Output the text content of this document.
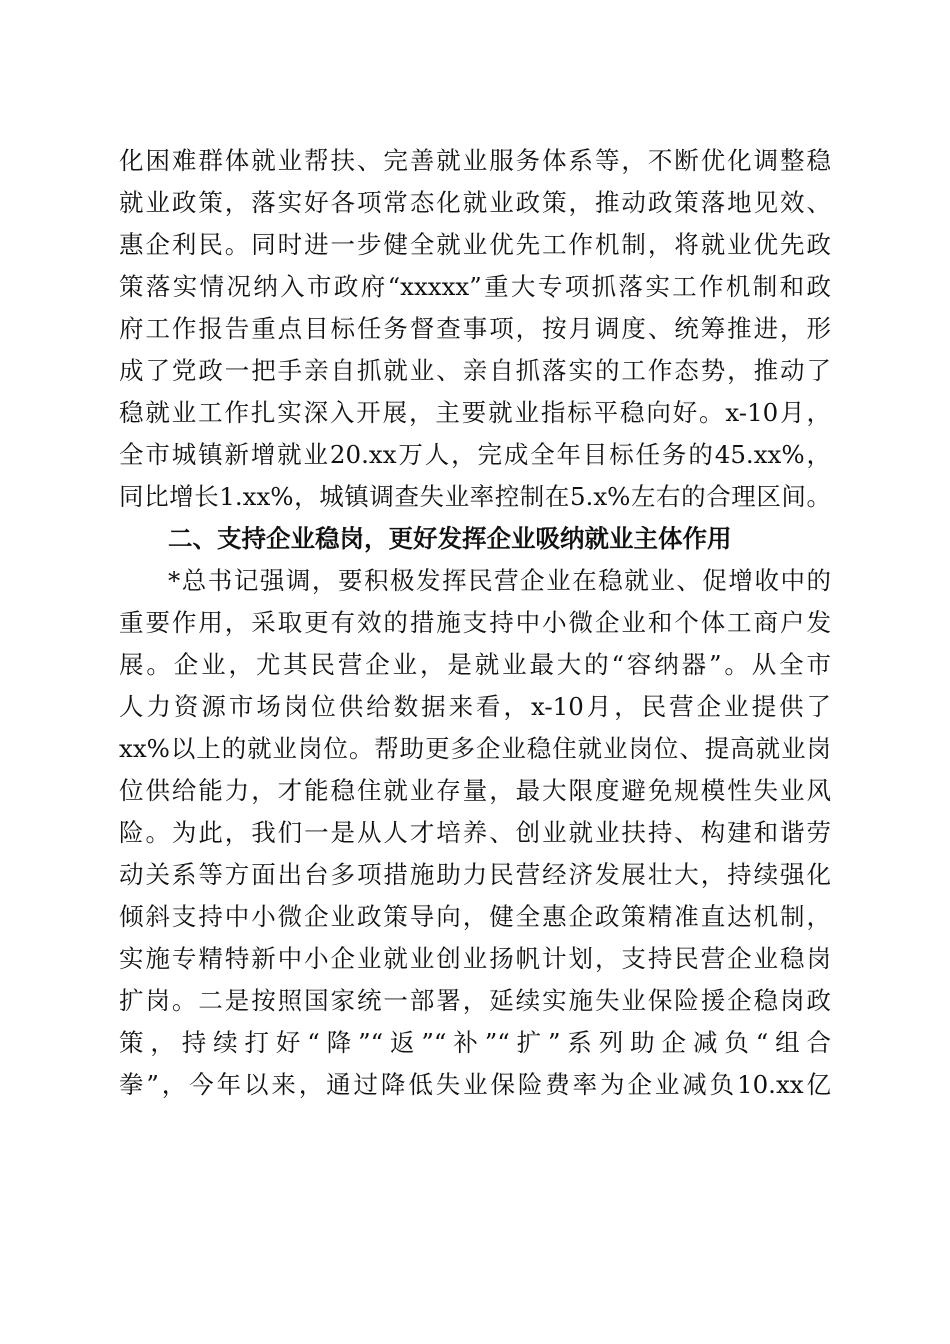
化困难群体就业帮扶、完善就业服务体系等，不断优化调整稳
就业政策，落实好各项常态化就业政策，推动政策落地见效、
惠企利民。同时进一步健全就业优先工作机制，将就业优先政
策落实情况纳入市政府“xxxxx”重大专项抓落实工作机制和政
府工作报告重点目标任务督查事项，按月调度、统筹推进，形
成了党政一把手亲自抓就业、亲自抓落实的工作态势，推动了
稳就业工作扎实深入开展，主要就业指标平稳向好。x-10月，
全市城镇新增就业20.xx万人，完成全年目标任务的45.xx%，
同比增长1.xx%，城镇调查失业率控制在5.x%左右的合理区间。
二、支持企业稳岗，更好发挥企业吸纳就业主体作用
*总书记强调，要积极发挥民营企业在稳就业、促增收中的
重要作用，采取更有效的措施支持中小微企业和个体工商户发
展。企业，尤其民营企业，是就业最大的“容纳器”。从全市
人力资源市场岗位供给数据来看，x-10月，民营企业提供了
xx%以上的就业岗位。帮助更多企业稳住就业岗位、提高就业岗
位供给能力，才能稳住就业存量，最大限度避免规模性失业风
险。为此，我们一是从人才培养、创业就业扶持、构建和谐劳
动关系等方面出台多项措施助力民营经济发展壮大，持续强化
倾斜支持中小微企业政策导向，健全惠企政策精准直达机制，
实施专精特新中小企业就业创业扬帆计划，支持民营企业稳岗
扩岗。二是按照国家统一部署，延续实施失业保险援企稳岗政
策，持续打好“降”“返”“补”“扩”系列助企减负“组合
拳”，今年以来，通过降低失业保险费率为企业减负10.xx亿
